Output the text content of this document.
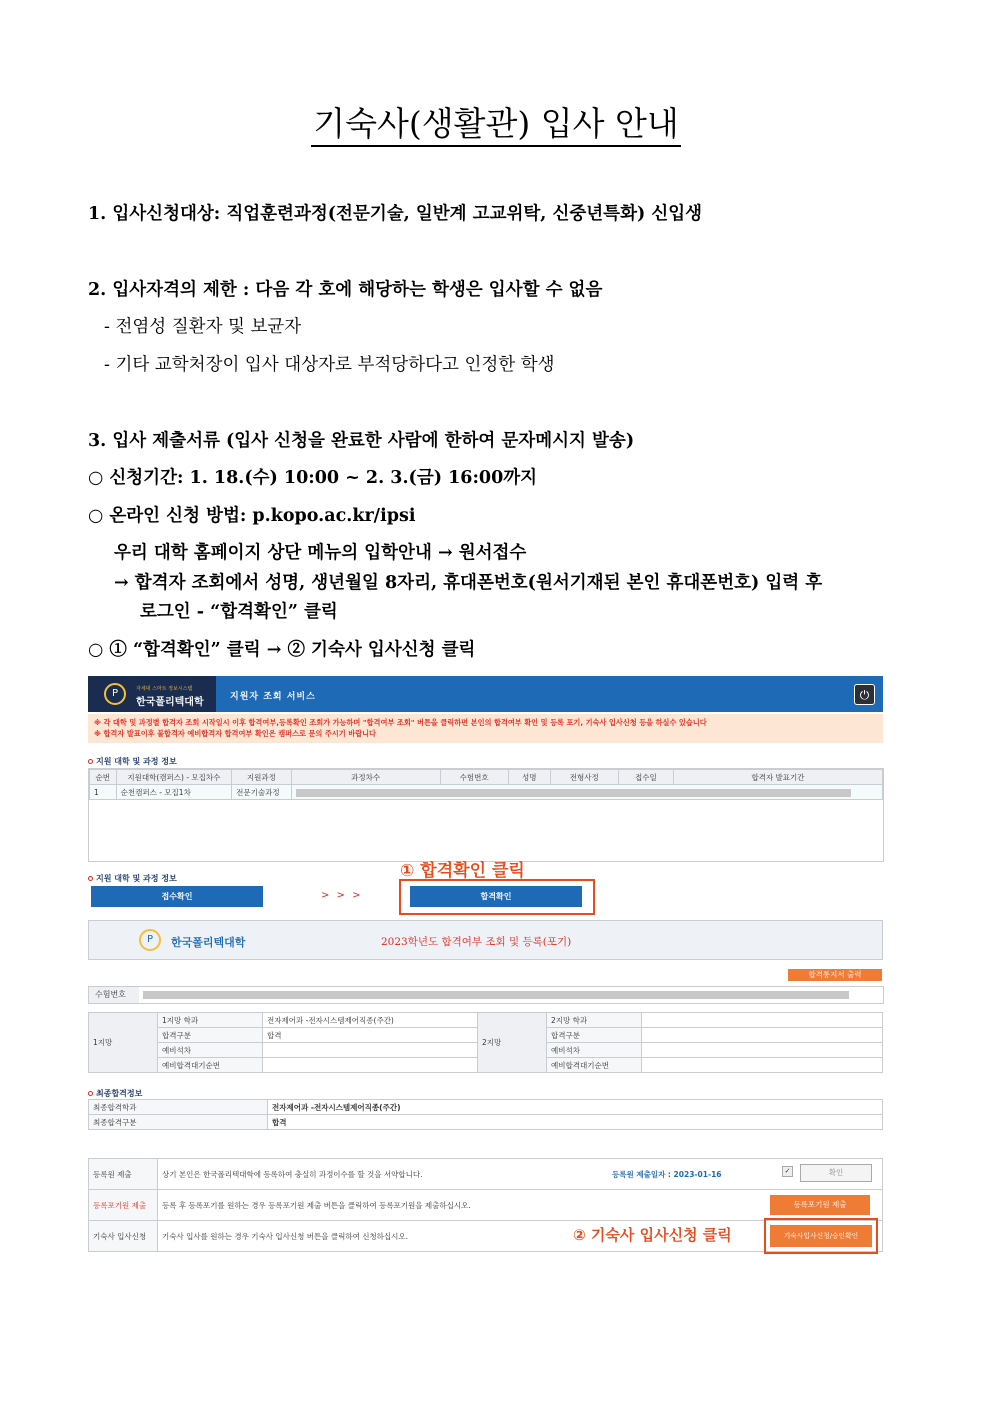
기숙사(생활관) 입사 안내
1. 입사신청대상: 직업훈련과정(전문기술, 일반계 고교위탁, 신중년특화) 신입생
2. 입사자격의 제한 : 다음 각 호에 해당하는 학생은 입사할 수 없음
- 전염성 질환자 및 보균자
- 기타 교학처장이 입사 대상자로 부적당하다고 인정한 학생
3. 입사 제출서류 (입사 신청을 완료한 사람에 한하여 문자메시지 발송)
○ 신청기간: 1. 18.(수) 10:00 ~ 2. 3.(금) 16:00까지
○ 온라인 신청 방법: p.kopo.ac.kr/ipsi
우리 대학 홈페이지 상단 메뉴의 입학안내 → 원서접수
→ 합격자 조회에서 성명, 생년월일 8자리, 휴대폰번호(원서기재된 본인 휴대폰번호) 입력 후
로그인 - “합격확인” 클릭
○ ① “합격확인” 클릭 → ② 기숙사 입사신청 클릭
P	자세대 스마트 정보시스템
한국폴리텍대학	지원자 조회 서비스	⏻
※ 각 대학 및 과정별 합격자 조회 시작일시 이후 합격여부,등록확인 조회가 가능하며 "합격여부 조회" 버튼을 클릭하면 본인의 합격여부 확인 및 등록 포기, 기숙사 입사신청 등을 하실수 있습니다
※ 합격자 발표이후 불합격자 예비합격자 합격여부 확인은 캠퍼스로 문의 주시기 바랍니다
지원 대학 및 과정 정보
순번	지원대학(캠퍼스) - 모집차수	지원과정	과정차수	수험번호	성명	전형사정	접수일	합격자 발표기간
1	순천캠퍼스 - 모집1차	전문기술과정						
지원 대학 및 과정 정보
접수확인	> > >
① 합격확인 클릭
합격확인
P	한국폴리텍대학	2023학년도 합격여부 조회 및 등록(포기)
합격통지서 출력
수험번호
1지망	1지망 학과	전자제어과 -전자시스템제어직종(주간)	2지망	2지망 학과	
	합격구분	합격		합격구분	
	예비석차			예비석차	
	예비합격대기순번			예비합격대기순번	
최종합격정보
최종합격학과	전자제어과 -전자시스템제어직종(주간)
최종합격구분	합격
등록원 제출	상기 본인은 한국폴리텍대학에 등록하여 충실히 과정이수를 할 것을 서약합니다. 등록원 제출일자 : 2023-01-16 ✓ 확인

등록포기원 제출	등록 후 등록포기를 원하는 경우 등록포기원 제출 버튼을 클릭하여 등록포기원을 제출하십시오. 등록포기원 제출

기숙사 입사신청	기숙사 입사를 원하는 경우 기숙사 입사신청 버튼을 클릭하여 신청하십시오. ② 기숙사 입사신청 클릭 기숙사입사신청/승인확인
